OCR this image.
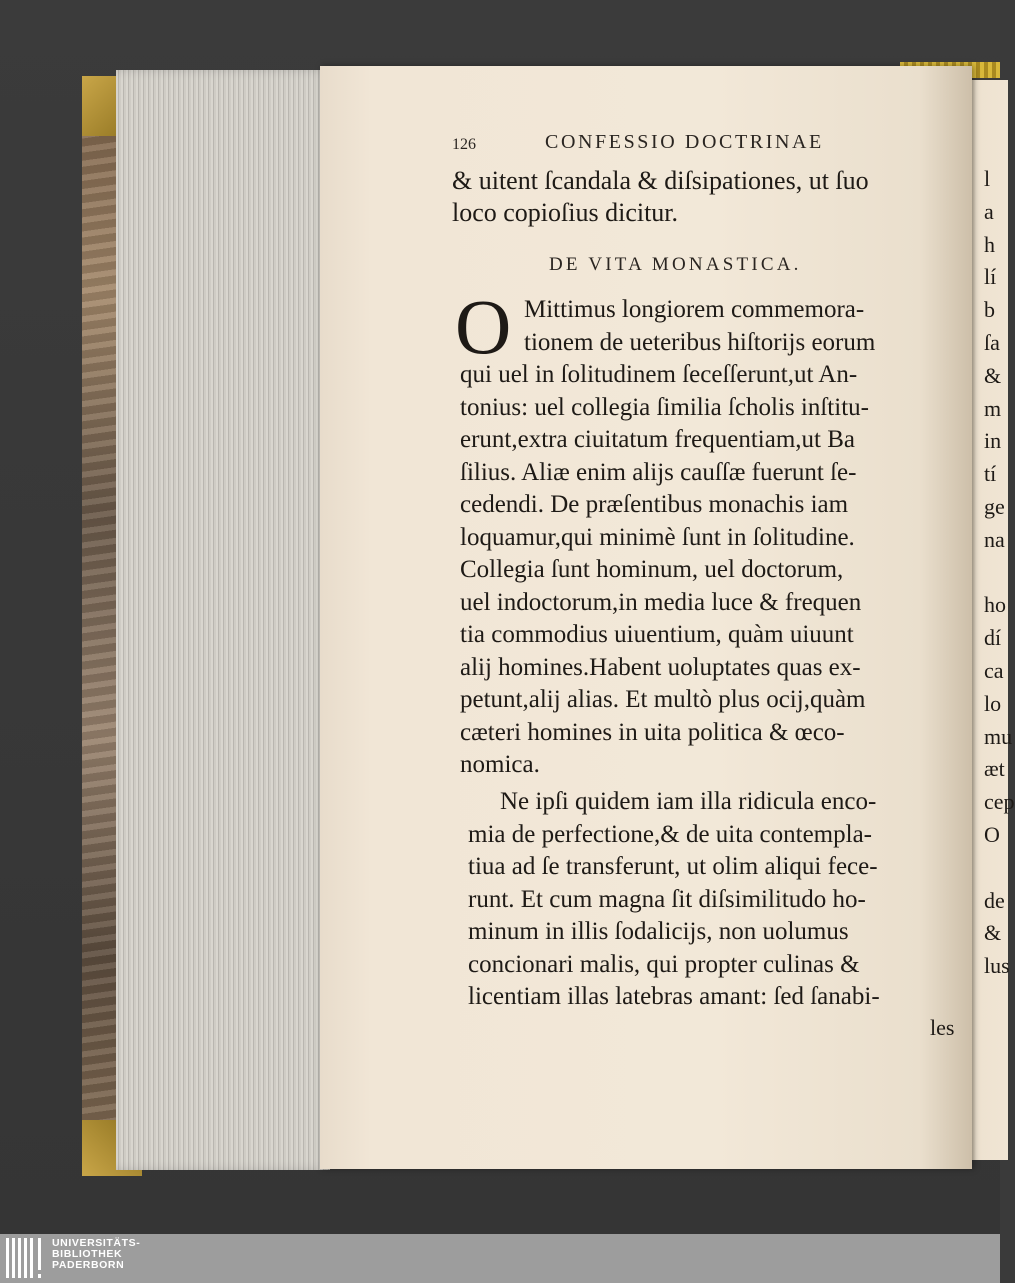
126	CONFESSIO DOCTRINAE
& uitent ſcandala & diſsipationes, ut ſuo
loco copioſius dicitur.
DE VITA MONASTICA.
O Mittimus longiorem commemora-
tionem de ueteribus hiſtorijs eorum
qui uel in ſolitudinem ſeceſſerunt,ut An-
tonius: uel collegia ſimilia ſcholis inſtitu-
erunt,extra ciuitatum frequentiam,ut Ba
ſilius. Aliæ enim alijs cauſſæ fuerunt ſe-
cedendi. De præſentibus monachis iam
loquamur,qui minimè ſunt in ſolitudine.
Collegia ſunt hominum, uel doctorum,
uel indoctorum,in media luce & frequen
tia commodius uiuentium, quàm uiuunt
alij homines.Habent uoluptates quas ex-
petunt,alij alias. Et multò plus ocij,quàm
cæteri homines in uita politica & œco-
nomica.
Ne ipſi quidem iam illa ridicula enco-
mia de perfectione,& de uita contempla-
tiua ad ſe transferunt, ut olim aliqui fece-
runt. Et cum magna ſit diſsimilitudo ho-
minum in illis ſodalicijs, non uolumus
concionari malis, qui propter culinas &
licentiam illas latebras amant: ſed ſanabi-
les
l
a
h
lí
b
ſa
&
m
in
tí
ge
na
ho
dí
ca
lo
mu
æt
cep
O
de
&
lus
UNIVERSITÄTS-
BIBLIOTHEK
PADERBORN
